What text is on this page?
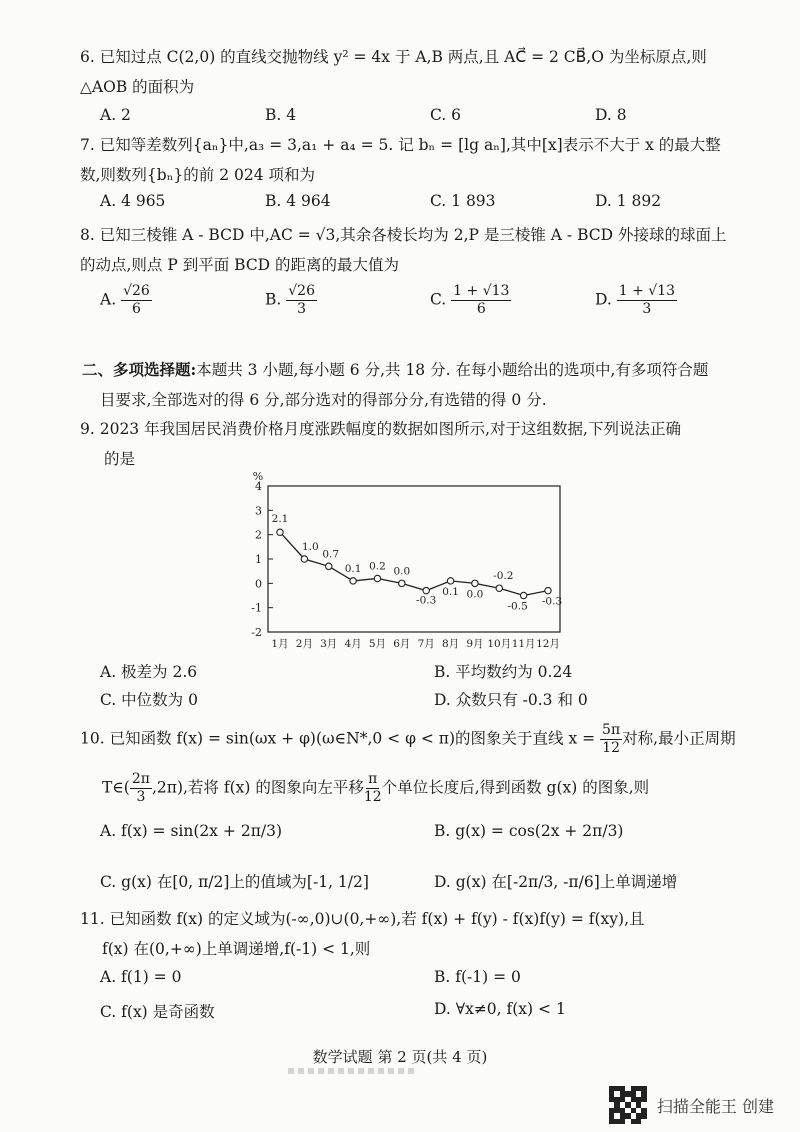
6. 已知过点 C(2,0) 的直线交抛物线 y² = 4x 于 A,B 两点,且 AC⃗ = 2 CB⃗,O 为坐标原点,则

△AOB 的面积为

A. 2	B. 4	C. 6	D. 8

7. 已知等差数列{aₙ}中,a₃ = 3,a₁ + a₄ = 5. 记 bₙ = [lg aₙ],其中[x]表示不大于 x 的最大整

数,则数列{bₙ}的前 2 024 项和为

A. 4 965	B. 4 964	C. 1 893	D. 1 892

8. 已知三棱锥 A - BCD 中,AC = √3,其余各棱长均为 2,P 是三棱锥 A - BCD 外接球的球面上

的动点,则点 P 到平面 BCD 的距离的最大值为

A. $\frac{√26}{6}$	B. $\frac{√26}{3}$	C. $\frac{1 + √13}{6}$	D. $\frac{1 + √13}{3}$

二、多项选择题:本题共 3 小题,每小题 6 分,共 18 分. 在每小题给出的选项中,有多项符合题

目要求,全部选对的得 6 分,部分选对的得部分分,有选错的得 0 分.

9. 2023 年我国居民消费价格月度涨跌幅度的数据如图所示,对于这组数据,下列说法正确

的是

%
4
3
2
1
0
-1
-2
1月 2月 3月 4月 5月 6月 7月 8月 9月 10月 11月 12月
2.1
1.0
0.7
0.1 0.2 0.0
-0.3
0.1 0.0
-0.2
-0.5 -0.3
A. 极差为 2.6	B. 平均数约为 0.24
C. 中位数为 0	D. 众数只有 -0.3 和 0

10. 已知函数 f(x) = sin(ωx + φ)(ω∈N*,0 < φ < π)的图象关于直线 $x = \frac{5\pi}{12}$ 对称,最小正周期

T∈( $\frac{2\pi}{3} ,2\pi$),若将 f(x) 的图象向左平移 $\frac{\pi}{12}$ 个单位长度后,得到函数 g(x) 的图象,则

A. f(x) = sin(2x + 2π/3)	B. g(x) = cos(2x + 2π/3)
C. g(x) 在[0, π/2]上的值域为[-1, 1/2]	D. g(x) 在[-2π/3, -π/6]上单调递增

11. 已知函数 f(x) 的定义域为(-∞,0)∪(0,+∞),若 f(x) + f(y) - f(x)f(y) = f(xy),且

f(x) 在(0,+∞)上单调递增,f(-1) < 1,则

A. f(1) = 0	B. f(-1) = 0
C. f(x) 是奇函数	D. ∀x≠0, f(x) < 1
数学试题 第 2 页(共 4 页)
扫描全能王 创建
